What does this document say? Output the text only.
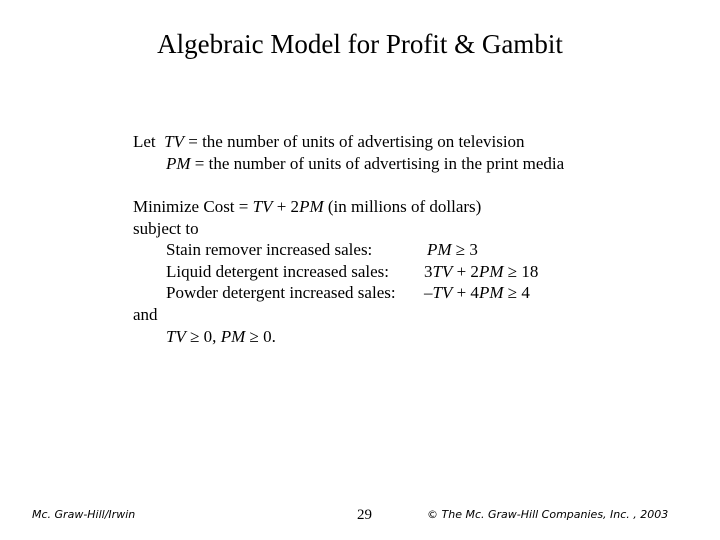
Algebraic Model for Profit & Gambit
Let TV = the number of units of advertising on television
PM = the number of units of advertising in the print media
Minimize Cost = TV + 2PM (in millions of dollars)
subject to
Stain remover increased sales:	PM ≥ 3
Liquid detergent increased sales: 3TV + 2PM ≥ 18
Powder detergent increased sales: –TV + 4PM ≥ 4
and
TV ≥ 0, PM ≥ 0.
Mc. Graw-Hill/Irwin	29	© The Mc. Graw-Hill Companies, Inc. , 2003
